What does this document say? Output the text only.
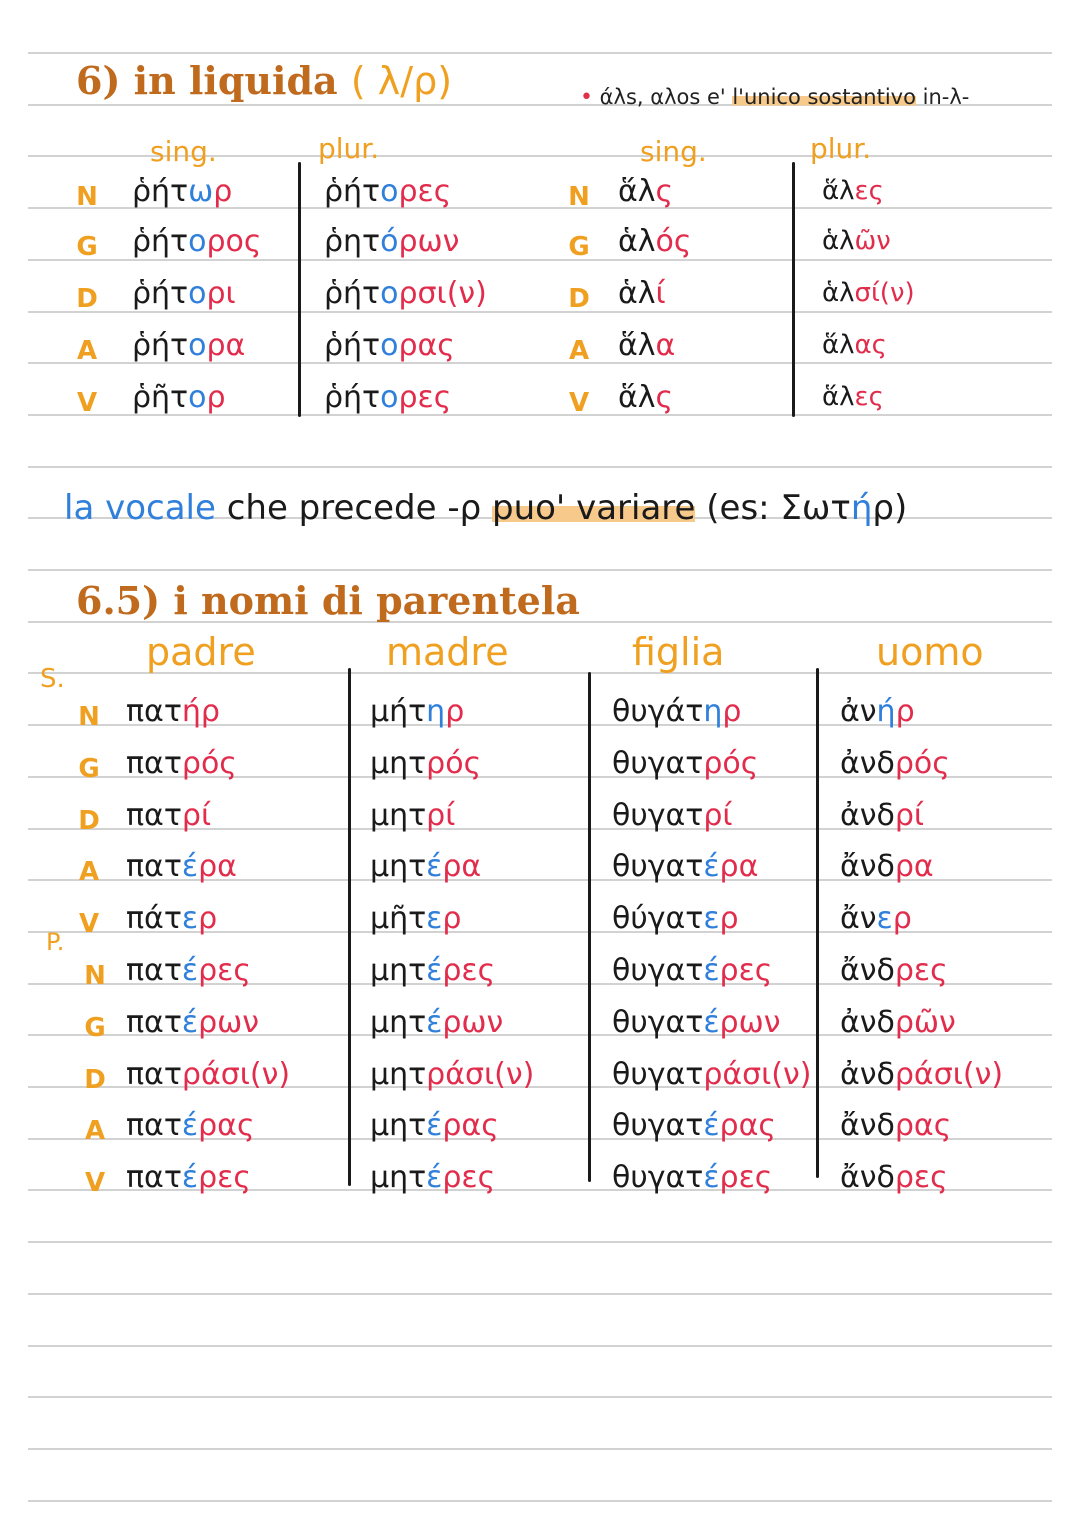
6) in liquida ( λ/ρ)	• άλs, αλos e' l'unico sostantivo in-λ-
sing.	plur.	sing.	plur.
N ῥήτωρ	ῥήτορες
G ῥήτορος ῥητόρων
D ῥήτορι	ῥήτορσι(ν)
A ῥήτορα	ῥήτορας
V ῥῆτορ	ῥήτορες
N ἅλς	ἅλες
G ἁλός	ἁλῶν
D ἁλί	ἁλσί(ν)
A ἅλα	ἅλας
V ἅλς	ἅλες
la vocale che precede -ρ puo' variare (es: Σωτήρ)
6.5) i nomi di parentela
S.
P.
padre	madre	figlia	uomo
N πατήρ	μήτηρ	θυγάτηρ	ἀνήρ
G πατρός	μητρός	θυγατρός	ἀνδρός
D πατρί	μητρί	θυγατρί	ἀνδρί
A πατέρα	μητέρα	θυγατέρα	ἄνδρα
V πάτερ	μῆτερ	θύγατερ	ἄνερ
N πατέρες	μητέρες	θυγατέρες ἄνδρες
G πατέρων	μητέρων	θυγατέρων ἀνδρῶν
D πατράσι(ν)	μητράσι(ν)	θυγατράσι(ν) ἀνδράσι(ν)
A πατέρας	μητέρας	θυγατέρας ἄνδρας
V πατέρες	μητέρες	θυγατέρες ἄνδρες
